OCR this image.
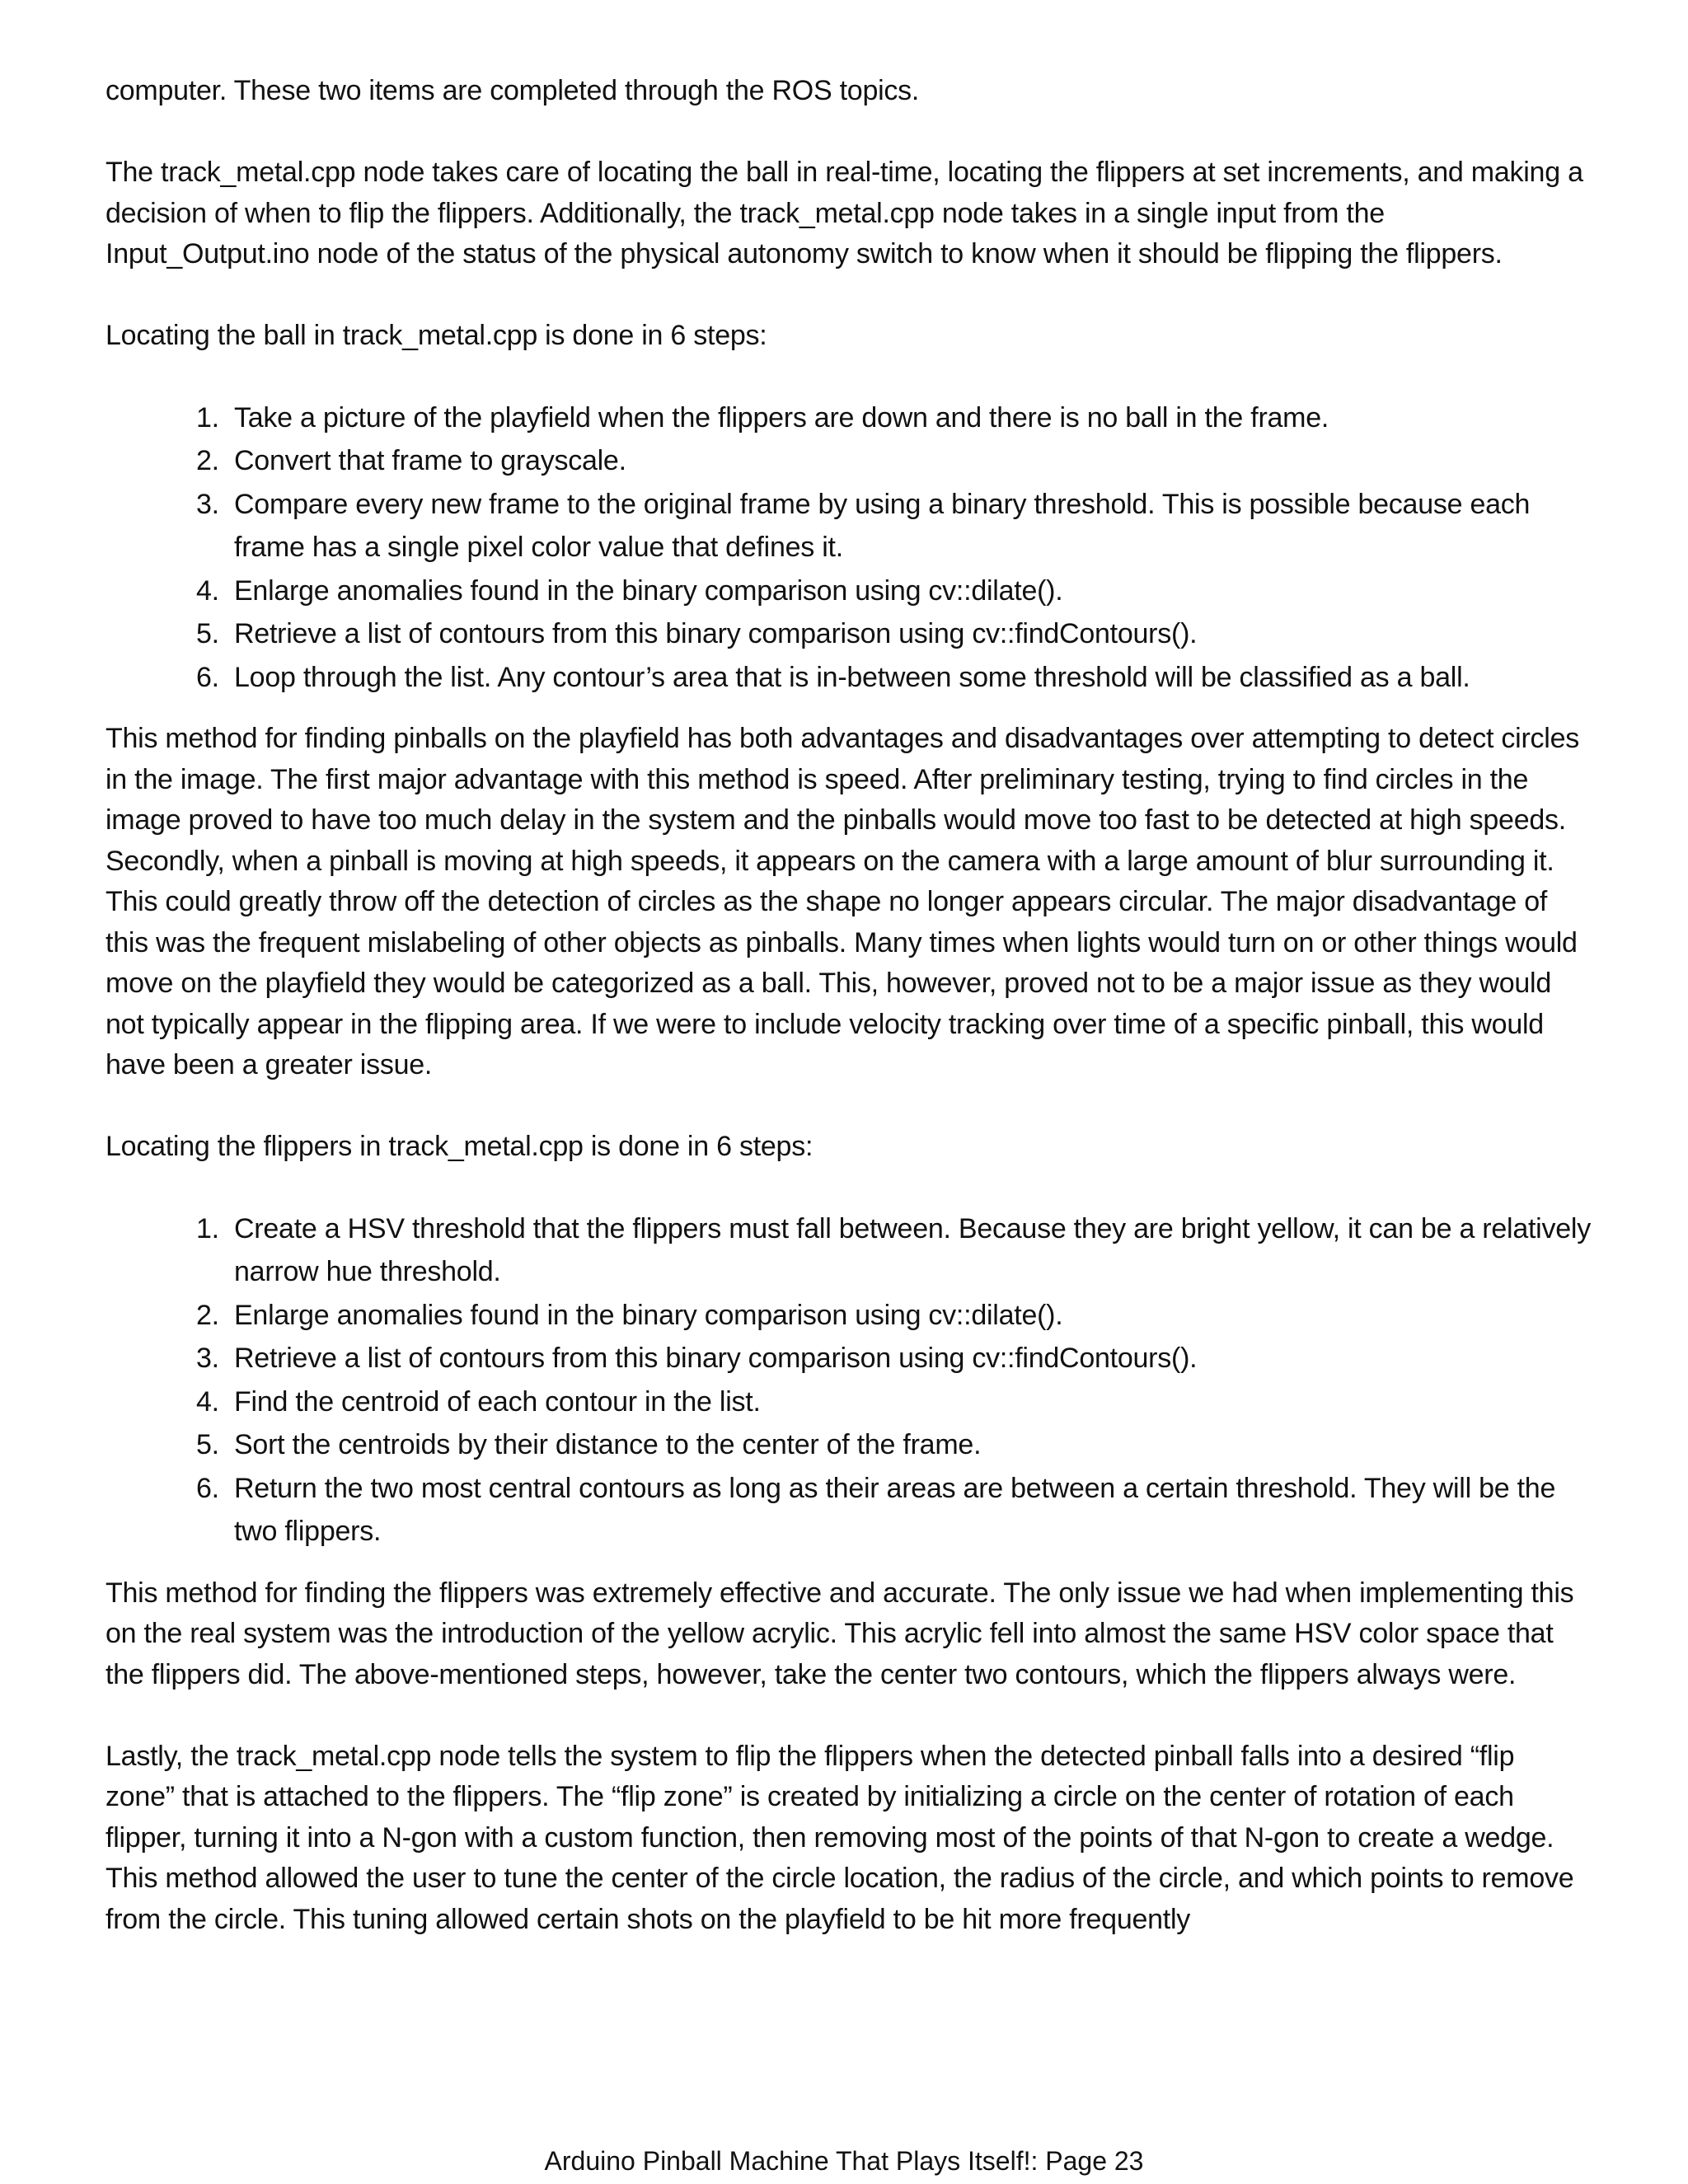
computer. These two items are completed through the ROS topics.

The track_metal.cpp node takes care of locating the ball in real-time, locating the flippers at set increments, and making a decision of when to flip the flippers. Additionally, the track_metal.cpp node takes in a single input from the Input_Output.ino node of the status of the physical autonomy switch to know when it should be flipping the flippers.

Locating the ball in track_metal.cpp is done in 6 steps:

1. Take a picture of the playfield when the flippers are down and there is no ball in the frame.
2. Convert that frame to grayscale.
3. Compare every new frame to the original frame by using a binary threshold. This is possible because each frame has a single pixel color value that defines it.
4. Enlarge anomalies found in the binary comparison using cv::dilate().
5. Retrieve a list of contours from this binary comparison using cv::findContours().
6. Loop through the list. Any contour’s area that is in-between some threshold will be classified as a ball.

This method for finding pinballs on the playfield has both advantages and disadvantages over attempting to detect circles in the image. The first major advantage with this method is speed. After preliminary testing, trying to find circles in the image proved to have too much delay in the system and the pinballs would move too fast to be detected at high speeds. Secondly, when a pinball is moving at high speeds, it appears on the camera with a large amount of blur surrounding it. This could greatly throw off the detection of circles as the shape no longer appears circular. The major disadvantage of this was the frequent mislabeling of other objects as pinballs. Many times when lights would turn on or other things would move on the playfield they would be categorized as a ball. This, however, proved not to be a major issue as they would not typically appear in the flipping area. If we were to include velocity tracking over time of a specific pinball, this would have been a greater issue.

Locating the flippers in track_metal.cpp is done in 6 steps:

1. Create a HSV threshold that the flippers must fall between. Because they are bright yellow, it can be a relatively narrow hue threshold.
2. Enlarge anomalies found in the binary comparison using cv::dilate().
3. Retrieve a list of contours from this binary comparison using cv::findContours().
4. Find the centroid of each contour in the list.
5. Sort the centroids by their distance to the center of the frame.
6. Return the two most central contours as long as their areas are between a certain threshold. They will be the two flippers.

This method for finding the flippers was extremely effective and accurate. The only issue we had when implementing this on the real system was the introduction of the yellow acrylic. This acrylic fell into almost the same HSV color space that the flippers did. The above-mentioned steps, however, take the center two contours, which the flippers always were.

Lastly, the track_metal.cpp node tells the system to flip the flippers when the detected pinball falls into a desired “flip zone” that is attached to the flippers. The “flip zone” is created by initializing a circle on the center of rotation of each flipper, turning it into a N-gon with a custom function, then removing most of the points of that N-gon to create a wedge. This method allowed the user to tune the center of the circle location, the radius of the circle, and which points to remove from the circle. This tuning allowed certain shots on the playfield to be hit more frequently

Arduino Pinball Machine That Plays Itself!: Page 23
